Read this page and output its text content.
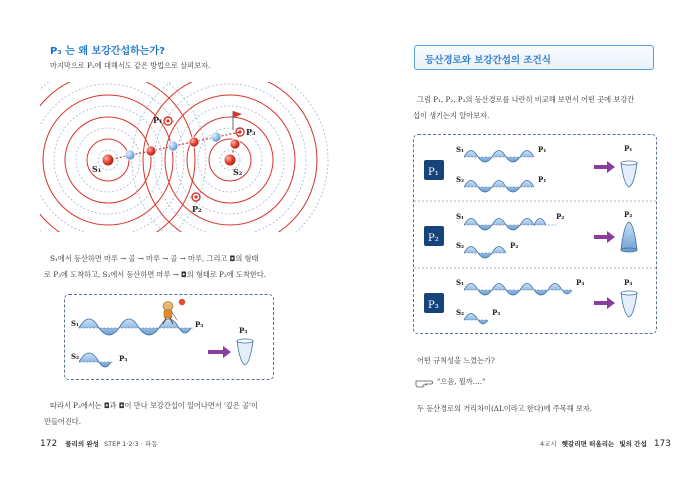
P₃ 는 왜 보강간섭하는가?
마지막으로 P₃에 대해서도 같은 방법으로 살펴보자.
S₁	S₂
P₁
P₂
P₃
S₁에서 등산하면 마루 → 골 → 마루 → 골 → 마루, 그리고 ◘의 형태
로 P₃에 도착하고, S₂에서 등산하면 마루 → ◘의 형태로 P₃에 도착한다.
S₁	P₃
S₂	P₃
P₃
따라서 P₃에서는 ◘과 ◘이 만나 보강간섭이 일어나면서 '깊은 골'이
만들어진다.
172 물리의 완성 STEP 1·2·3 · 파동
등산경로와 보강간섭의 조건식
그럼 P₁, P₂, P₃의 등산경로를 나란히 비교해 보면서 어떤 곳에 보강간
섭이 생기는지 알아보자.
P₁
S₁	P₁
S₂	P₁
P₁
P₂
S₁	P₂
S₂	P₂
P₂
P₃
S₁	P₃
S₂	P₃
P₃
어떤 규칙성을 느꼈는가?
"으음, 뭘까…."
두 등산경로의 거리차이(ΔL이라고 한다)에 주목해 보자.
4교시 헷갈리면 떠올리는 빛의 간섭 173
